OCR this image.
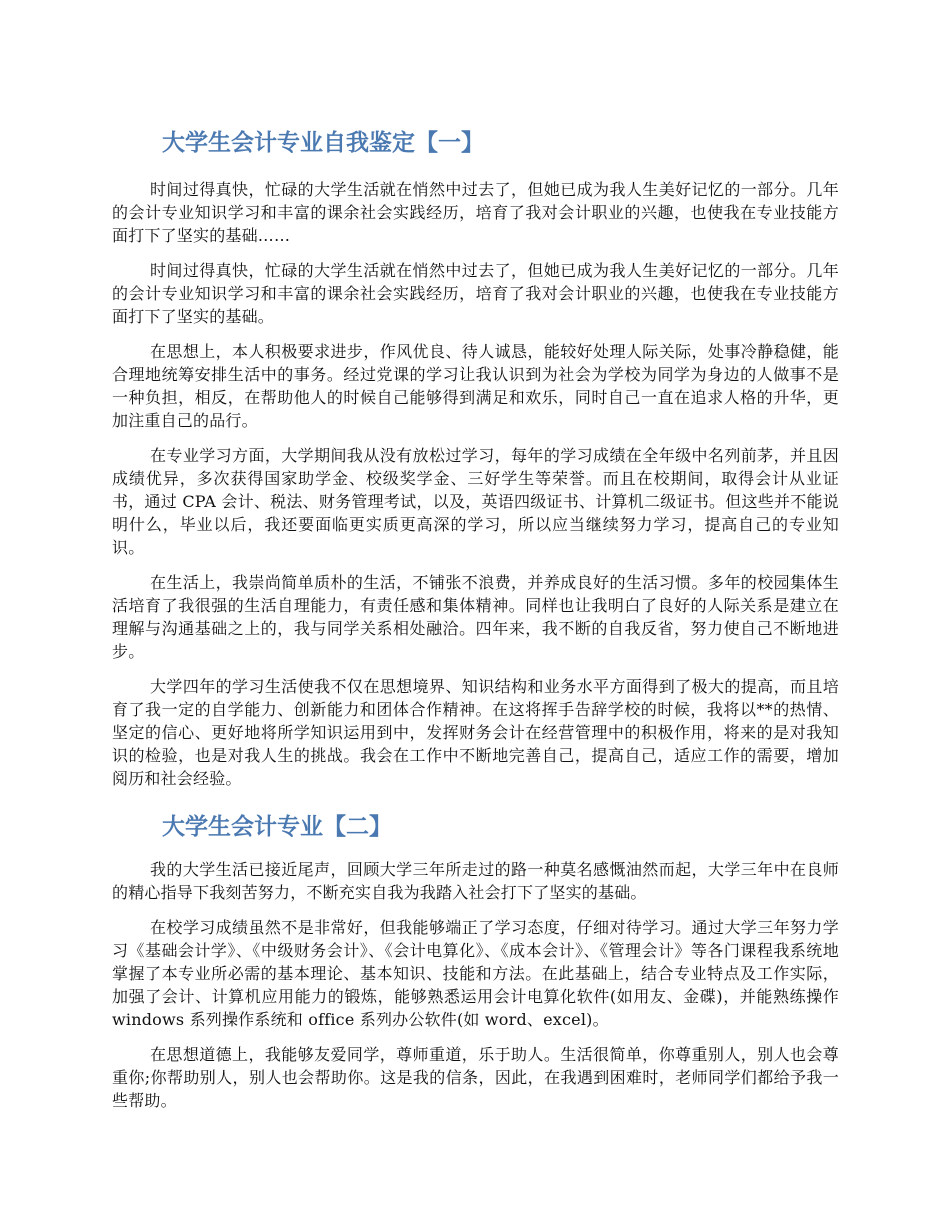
大学生会计专业自我鉴定【一】

时间过得真快，忙碌的大学生活就在悄然中过去了，但她已成为我人生美好记忆的一部分。几年的会计专业知识学习和丰富的课余社会实践经历，培育了我对会计职业的兴趣，也使我在专业技能方面打下了坚实的基础……

时间过得真快，忙碌的大学生活就在悄然中过去了，但她已成为我人生美好记忆的一部分。几年的会计专业知识学习和丰富的课余社会实践经历，培育了我对会计职业的兴趣，也使我在专业技能方面打下了坚实的基础。

在思想上，本人积极要求进步，作风优良、待人诚恳，能较好处理人际关际，处事冷静稳健，能合理地统筹安排生活中的事务。经过党课的学习让我认识到为社会为学校为同学为身边的人做事不是一种负担，相反，在帮助他人的时候自己能够得到满足和欢乐，同时自己一直在追求人格的升华，更加注重自己的品行。

在专业学习方面，大学期间我从没有放松过学习，每年的学习成绩在全年级中名列前茅，并且因成绩优异，多次获得国家助学金、校级奖学金、三好学生等荣誉。而且在校期间，取得会计从业证书，通过 CPA 会计、税法、财务管理考试，以及，英语四级证书、计算机二级证书。但这些并不能说明什么，毕业以后，我还要面临更实质更高深的学习，所以应当继续努力学习，提高自己的专业知识。

在生活上，我崇尚简单质朴的生活，不铺张不浪费，并养成良好的生活习惯。多年的校园集体生活培育了我很强的生活自理能力，有责任感和集体精神。同样也让我明白了良好的人际关系是建立在理解与沟通基础之上的，我与同学关系相处融洽。四年来，我不断的自我反省，努力使自己不断地进步。

大学四年的学习生活使我不仅在思想境界、知识结构和业务水平方面得到了极大的提高，而且培育了我一定的自学能力、创新能力和团体合作精神。在这将挥手告辞学校的时候，我将以**的热情、坚定的信心、更好地将所学知识运用到中，发挥财务会计在经营管理中的积极作用，将来的是对我知识的检验，也是对我人生的挑战。我会在工作中不断地完善自己，提高自己，适应工作的需要，增加阅历和社会经验。

大学生会计专业【二】

我的大学生活已接近尾声，回顾大学三年所走过的路一种莫名感慨油然而起，大学三年中在良师的精心指导下我刻苦努力，不断充实自我为我踏入社会打下了坚实的基础。

在校学习成绩虽然不是非常好，但我能够端正了学习态度，仔细对待学习。通过大学三年努力学习《基础会计学》、《中级财务会计》、《会计电算化》、《成本会计》、《管理会计》等各门课程我系统地掌握了本专业所必需的基本理论、基本知识、技能和方法。在此基础上，结合专业特点及工作实际，加强了会计、计算机应用能力的锻炼，能够熟悉运用会计电算化软件(如用友、金碟)，并能熟练操作 windows 系列操作系统和 office 系列办公软件(如 word、excel)。

在思想道德上，我能够友爱同学，尊师重道，乐于助人。生活很简单，你尊重别人，别人也会尊重你;你帮助别人，别人也会帮助你。这是我的信条，因此，在我遇到困难时，老师同学们都给予我一些帮助。
